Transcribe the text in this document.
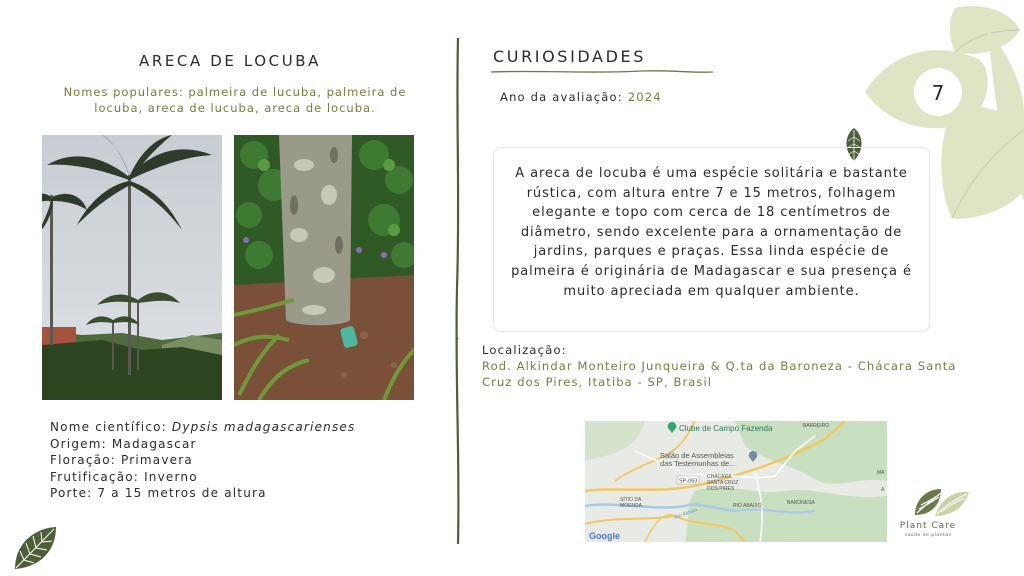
7
ARECA DE LOCUBA
Nomes populares: palmeira de lucuba, palmeira de locuba, areca de lucuba, areca de locuba.
Nome científico: Dypsis madagascarienses
Origem: Madagascar
Floração: Primavera
Frutificação: Inverno
Porte: 7 a 15 metros de altura
CURIOSIDADES
Ano da avaliação: 2024
A areca de locuba é uma espécie solitária e bastante rústica, com altura entre 7 e 15 metros, folhagem elegante e topo com cerca de 18 centímetros de diâmetro, sendo excelente para a ornamentação de jardins, parques e praças. Essa linda espécie de palmeira é originária de Madagascar e sua presença é muito apreciada em qualquer ambiente.
Localização:
Rod. Alkindar Monteiro Junqueira & Q.ta da Baroneza - Chácara Santa Cruz dos Pires, Itatiba - SP, Brasil
Clube de Campo Fazenda	BARREIRO
Salão de Assembleias
das Testemunhas de...
SP-063
CHÁCARA
SANTA CRUZ
DOS PIRES
SÍTIO DA
MOENDA	BARONESA
RIO ABAIXO
Rio Atibaia
MA
A
Google
Plant Care
saúde de plantas
